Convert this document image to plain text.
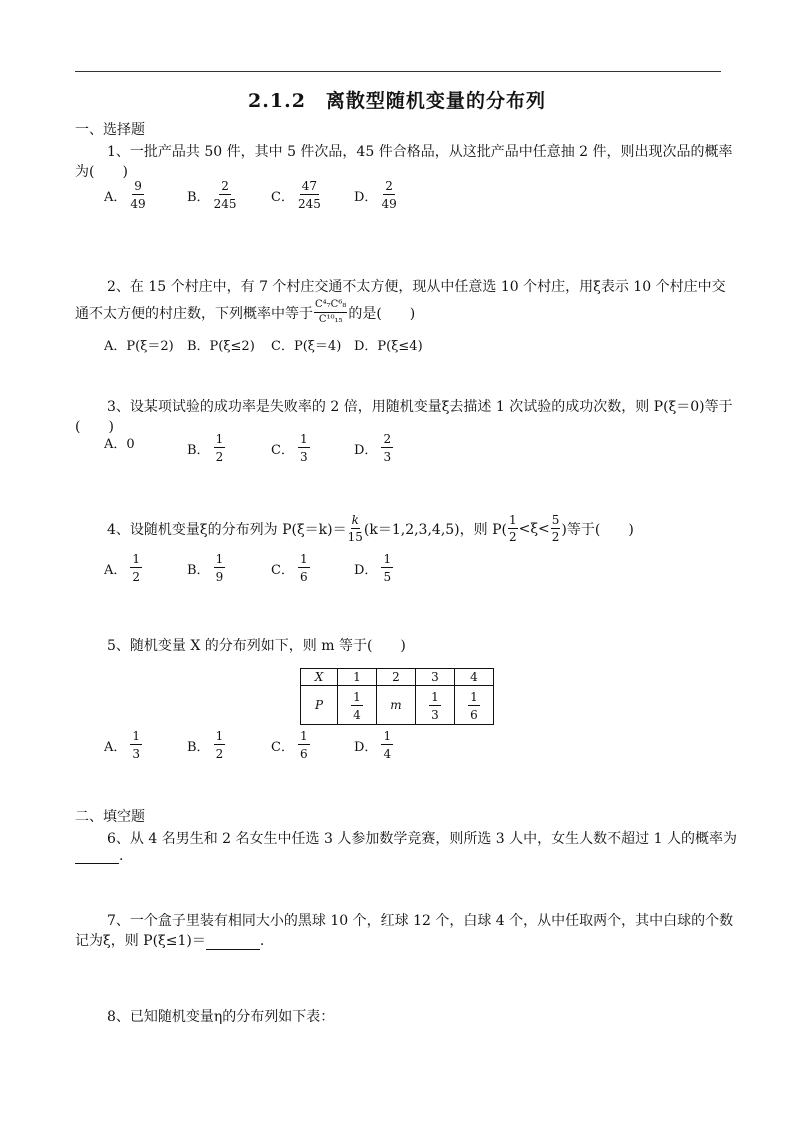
2.1.2　离散型随机变量的分布列
一、选择题
1、一批产品共 50 件，其中 5 件次品，45 件合格品，从这批产品中任意抽 2 件，则出现次品的概率
为(　　)
A． $\frac{9}{49}$	B． $\frac{2}{245}$	C． $\frac{47}{245}$	D． $\frac{2}{49}$
2、在 15 个村庄中，有 7 个村庄交通不太方便，现从中任意选 10 个村庄，用ξ表示 10 个村庄中交
通不太方便的村庄数，下列概率中等于 $\frac{\text{C⁴₇C⁶₈}}{\text{C¹⁰₁₅}}$ 的是(　　)
A．P(ξ＝2) B．P(ξ≤2) C．P(ξ＝4) D．P(ξ≤4)
3、设某项试验的成功率是失败率的 2 倍，用随机变量ξ去描述 1 次试验的成功次数，则 P(ξ＝0)等于
(　　)
A．0	B． $\frac{1}{2}$	C． $\frac{1}{3}$	D． $\frac{2}{3}$
4、设随机变量ξ的分布列为 $P(\xi=k)= \frac{k}{15} (k=1,2,3,4,5)$，则 $P( \frac{1}{2} <\xi< \frac{5}{2}$ )等于(　　)
A． $\frac{1}{2}$	B． $\frac{1}{9}$	C． $\frac{1}{6}$	D． $\frac{1}{5}$
5、随机变量 X 的分布列如下，则 m 等于(　　)
X	1	2	3	4
P	$\frac{1}{4}$	m	$\frac{1}{3}$	$\frac{1}{6}$
A． $\frac{1}{3}$	B． $\frac{1}{2}$	C． $\frac{1}{6}$	D． $\frac{1}{4}$
二、填空题
6、从 4 名男生和 2 名女生中任选 3 人参加数学竞赛，则所选 3 人中，女生人数不超过 1 人的概率为
.
7、一个盒子里装有相同大小的黑球 10 个，红球 12 个，白球 4 个，从中任取两个，其中白球的个数
记为ξ，则 P(ξ≤1)＝	.
8、已知随机变量η的分布列如下表：
